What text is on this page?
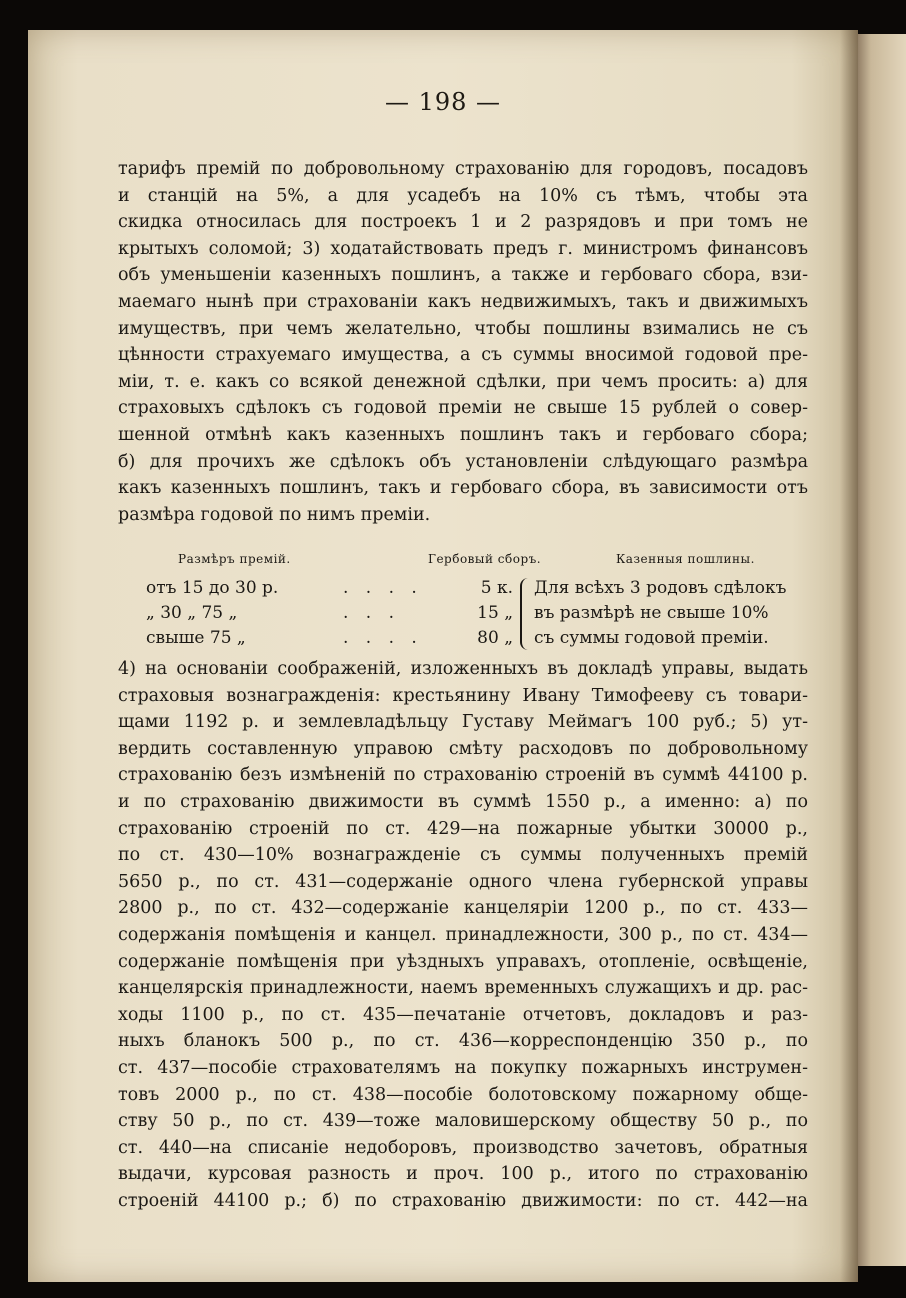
— 198 —
тарифъ премій по добровольному страхованію для городовъ, посадовъ
и станцій на 5%, а для усадебъ на 10% съ тѣмъ, чтобы эта
скидка относилась для построекъ 1 и 2 разрядовъ и при томъ не
крытыхъ соломой; 3) ходатайствовать предъ г. министромъ финансовъ
объ уменьшеніи казенныхъ пошлинъ, а также и гербоваго сбора, взи-
маемаго нынѣ при страхованіи какъ недвижимыхъ, такъ и движимыхъ
имуществъ, при чемъ желательно, чтобы пошлины взимались не съ
цѣнности страхуемаго имущества, а съ суммы вносимой годовой пре-
міи, т. е. какъ со всякой денежной сдѣлки, при чемъ просить: а) для
страховыхъ сдѣлокъ съ годовой преміи не свыше 15 рублей о совер-
шенной отмѣнѣ какъ казенныхъ пошлинъ такъ и гербоваго сбора;
б) для прочихъ же сдѣлокъ объ установленіи слѣдующаго размѣра
какъ казенныхъ пошлинъ, такъ и гербоваго сбора, въ зависимости отъ
размѣра годовой по нимъ преміи.
Размѣръ премій.	Гербовый сборъ.	Казенныя пошлины.
отъ 15 до 30 р.	. . . .	5 к. Для всѣхъ 3 родовъ сдѣлокъ
„ 30 „ 75 „	. . .	15 „ въ размѣрѣ не свыше 10%
свыше 75 „	. . . .	80 „ съ суммы годовой преміи.
4) на основаніи соображеній, изложенныхъ въ докладѣ управы, выдать
страховыя вознагражденія: крестьянину Ивану Тимофееву съ товари-
щами 1192 р. и землевладѣльцу Густаву Меймагъ 100 руб.; 5) ут-
вердить составленную управою смѣту расходовъ по добровольному
страхованію безъ измѣненій по страхованію строеній въ суммѣ 44100 р.
и по страхованію движимости въ суммѣ 1550 р., а именно: а) по
страхованію строеній по ст. 429—на пожарные убытки 30000 р.,
по ст. 430—10% вознагражденіе съ суммы полученныхъ премій
5650 р., по ст. 431—содержаніе одного члена губернской управы
2800 р., по ст. 432—содержаніе канцеляріи 1200 р., по ст. 433—
содержанія помѣщенія и канцел. принадлежности, 300 р., по ст. 434—
содержаніе помѣщенія при уѣздныхъ управахъ, отопленіе, освѣщеніе,
канцелярскія принадлежности, наемъ временныхъ служащихъ и др. рас-
ходы 1100 р., по ст. 435—печатаніе отчетовъ, докладовъ и раз-
ныхъ бланокъ 500 р., по ст. 436—корреспонденцію 350 р., по
ст. 437—пособіе страхователямъ на покупку пожарныхъ инструмен-
товъ 2000 р., по ст. 438—пособіе болотовскому пожарному обще-
ству 50 р., по ст. 439—тоже маловишерскому обществу 50 р., по
ст. 440—на списаніе недоборовъ, производство зачетовъ, обратныя
выдачи, курсовая разность и проч. 100 р., итого по страхованію
строеній 44100 р.; б) по страхованію движимости: по ст. 442—на
